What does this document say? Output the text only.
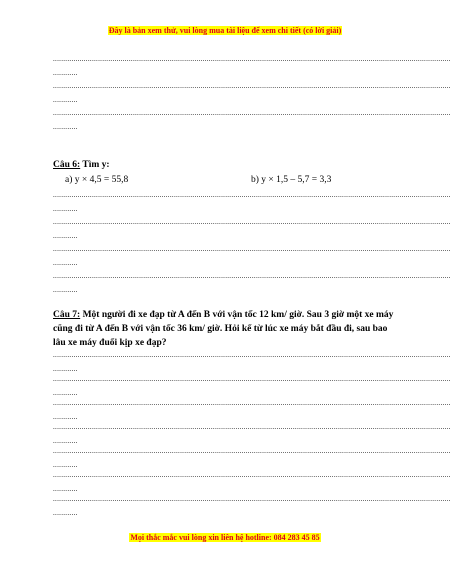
Đây là bản xem thử, vui lòng mua tài liệu để xem chi tiết (có lời giải)
..................................................................................................................................................................................................
............
..................................................................................................................................................................................................
............
..................................................................................................................................................................................................
............
Câu 6: Tìm y:
a) y × 4,5 = 55,8	b) y × 1,5 – 5,7 = 3,3
..................................................................................................................................................................................................
............
..................................................................................................................................................................................................
............
..................................................................................................................................................................................................
............
..................................................................................................................................................................................................
............
Câu 7: Một người đi xe đạp từ A đến B với vận tốc 12 km/ giờ. Sau 3 giờ một xe máy cũng đi từ A đến B với vận tốc 36 km/ giờ. Hỏi kể từ lúc xe máy bắt đầu đi, sau bao lâu xe máy đuổi kịp xe đạp?
..................................................................................................................................................................................................
............
..................................................................................................................................................................................................
............
..................................................................................................................................................................................................
............
..................................................................................................................................................................................................
............
..................................................................................................................................................................................................
............
..................................................................................................................................................................................................
............
..................................................................................................................................................................................................
............
Mọi thắc mắc vui lòng xin liên hệ hotline: 084 283 45 85
